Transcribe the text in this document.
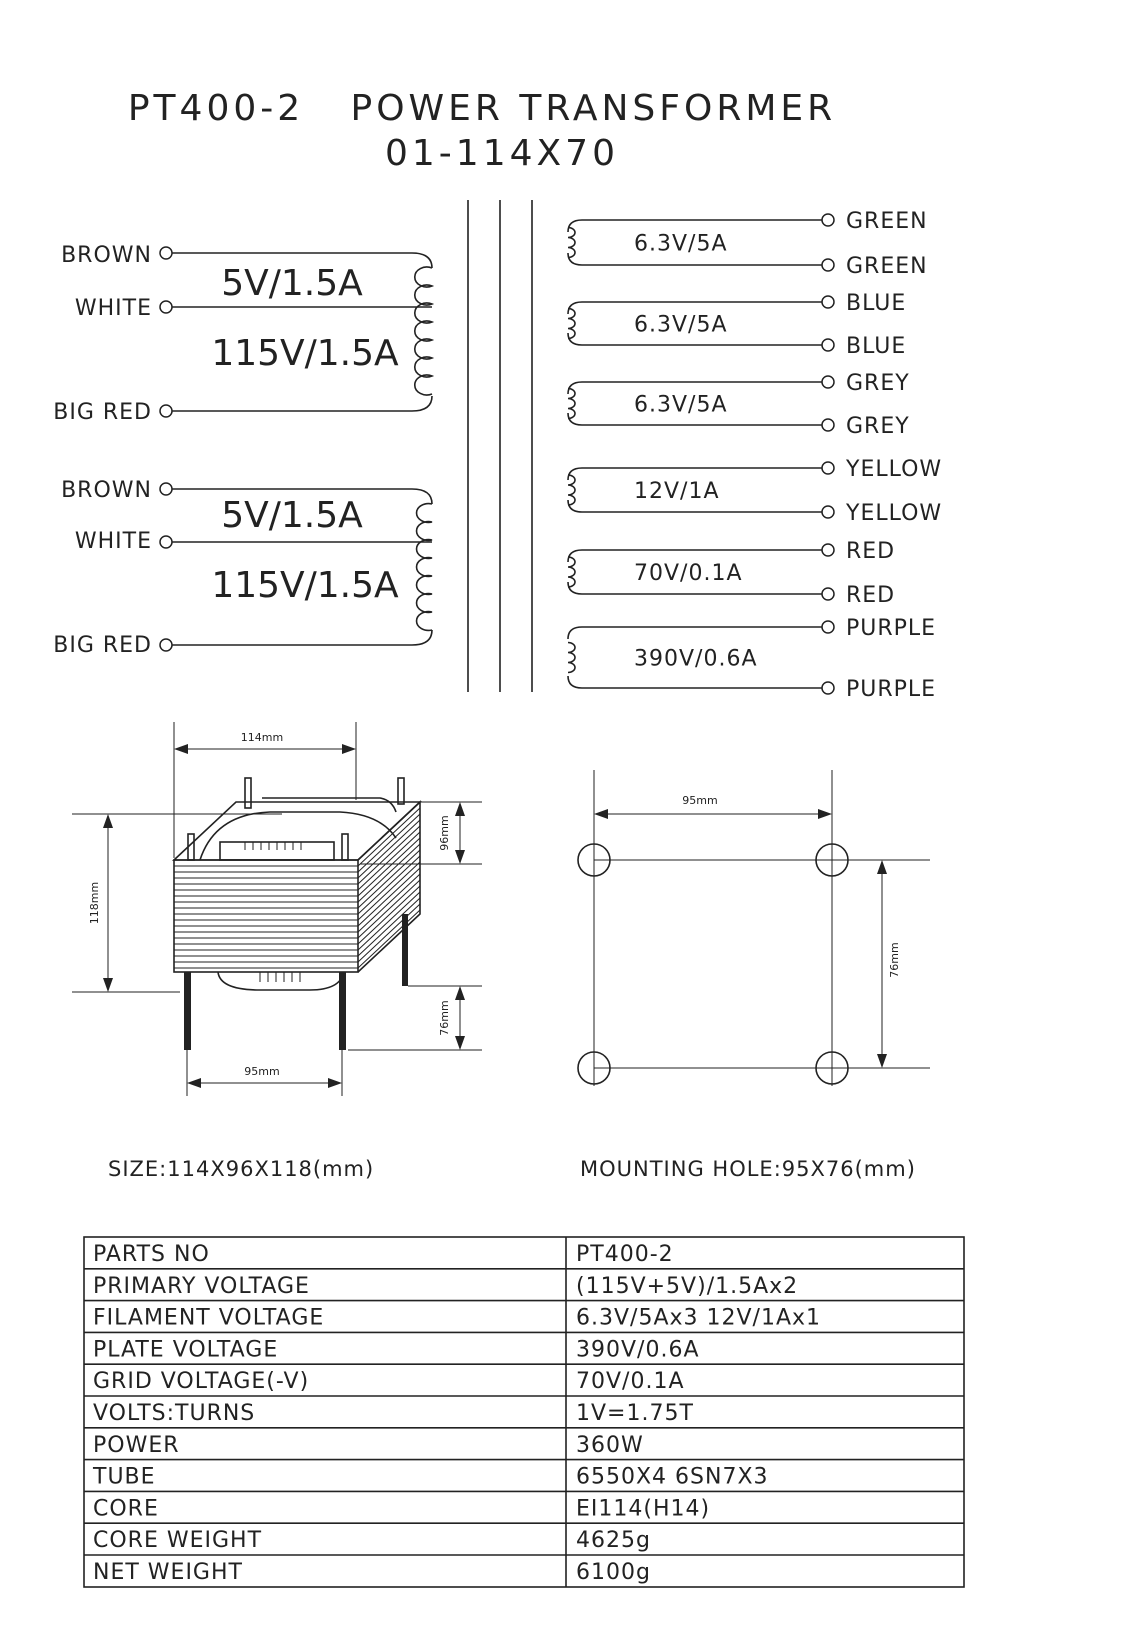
PT400-2   POWER TRANSFORMER
01-114X70
BROWN
WHITE
BIG RED
5V/1.5A
115V/1.5A
BROWN
WHITE
BIG RED
5V/1.5A
115V/1.5A
6.3V/5A
GREEN
GREEN
6.3V/5A
BLUE
BLUE
6.3V/5A
GREY
GREY
12V/1A
YELLOW
YELLOW
70V/0.1A
RED
RED
390V/0.6A
PURPLE
PURPLE
114mm
118mm
96mm
76mm
95mm
95mm
76mm
SIZE:114X96X118(mm)	MOUNTING HOLE:95X76(mm)
PARTS NO	PT400-2
PRIMARY VOLTAGE	(115V+5V)/1.5Ax2
FILAMENT VOLTAGE	6.3V/5Ax3 12V/1Ax1
PLATE VOLTAGE	390V/0.6A
GRID VOLTAGE(-V)	70V/0.1A
VOLTS:TURNS	1V=1.75T
POWER	360W
TUBE	6550X4 6SN7X3
CORE	EI114(H14)
CORE WEIGHT	4625g
NET WEIGHT	6100g
